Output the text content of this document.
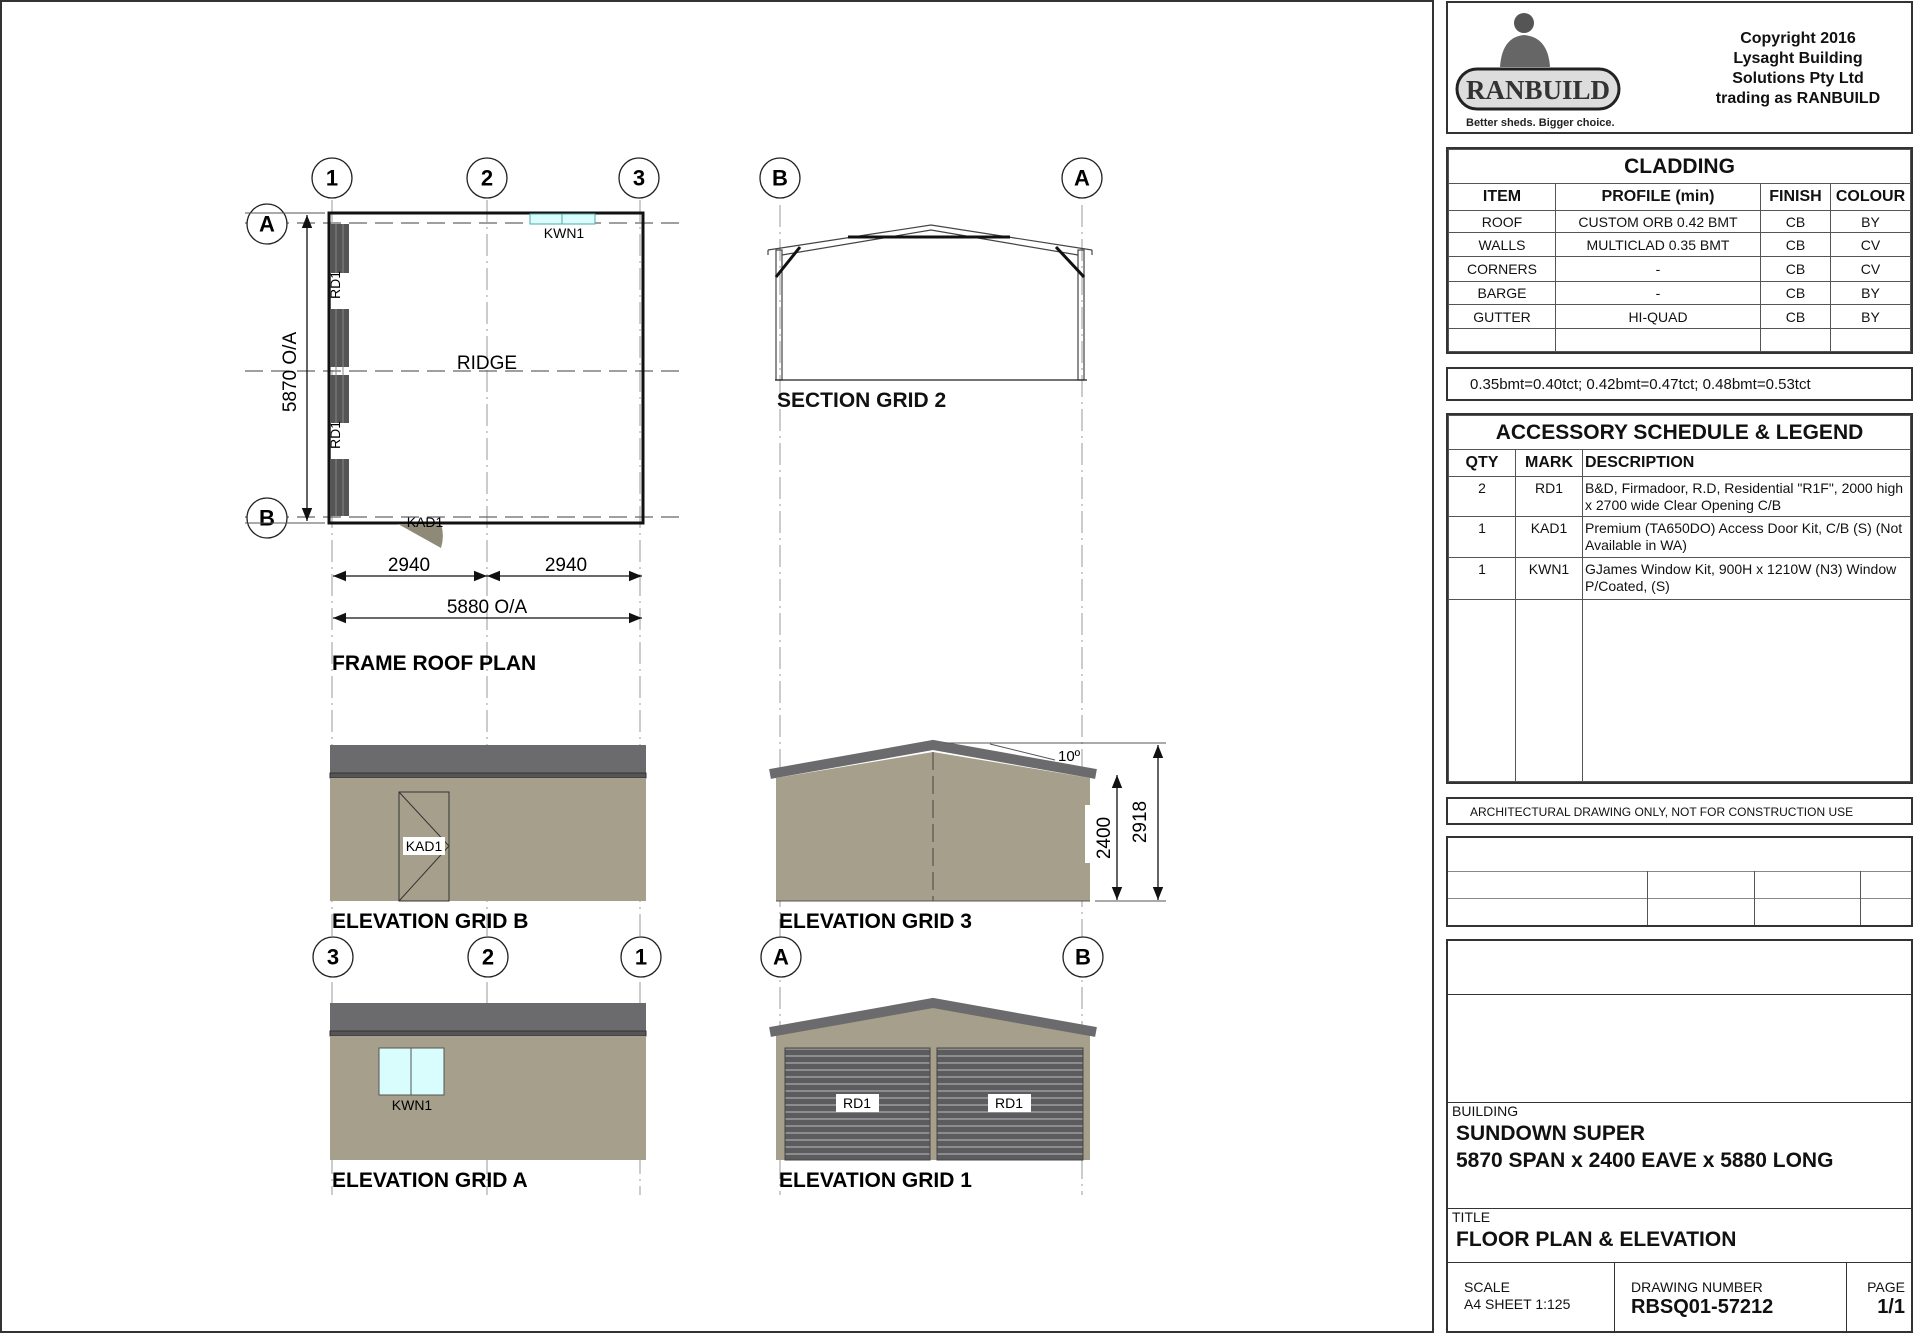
1	2	3
A
B
B	A
RD1
RD1
KWN1
KAD1
RIDGE
5870 O/A
2940	2940
5880 O/A
FRAME ROOF PLAN
SECTION GRID 2
KAD1
ELEVATION GRID B
10º
2400 2918
ELEVATION GRID 3
3	2	1	A	B
KWN1
ELEVATION GRID A
RD1	RD1
ELEVATION GRID 1
RANBUILD
Better sheds. Bigger choice.
Copyright 2016
Lysaght Building
Solutions Pty Ltd
trading as RANBUILD
CLADDING			
ITEM	PROFILE (min)	FINISH	COLOUR
ROOF	CUSTOM ORB 0.42 BMT	CB	BY
WALLS	MULTICLAD 0.35 BMT	CB	CV
CORNERS	-	CB	CV
BARGE	-	CB	BY
GUTTER	HI-QUAD	CB	BY

0.35bmt=0.40tct; 0.42bmt=0.47tct; 0.48bmt=0.53tct
ACCESSORY SCHEDULE & LEGEND		
QTY	MARK	DESCRIPTION
2	RD1	B&D, Firmadoor, R.D, Residential "R1F", 2000 high x 2700 wide Clear Opening C/B
1	KAD1	Premium (TA650DO) Access Door Kit, C/B (S) (Not Available in WA)
1	KWN1	GJames Window Kit, 900H x 1210W (N3) Window P/Coated, (S)

ARCHITECTURAL DRAWING ONLY, NOT FOR CONSTRUCTION USE
BUILDING
SUNDOWN SUPER
5870 SPAN x 2400 EAVE x 5880 LONG
TITLE
FLOOR PLAN & ELEVATION
SCALE
A4 SHEET 1:125
DRAWING NUMBER
RBSQ01-57212
PAGE
1/1
